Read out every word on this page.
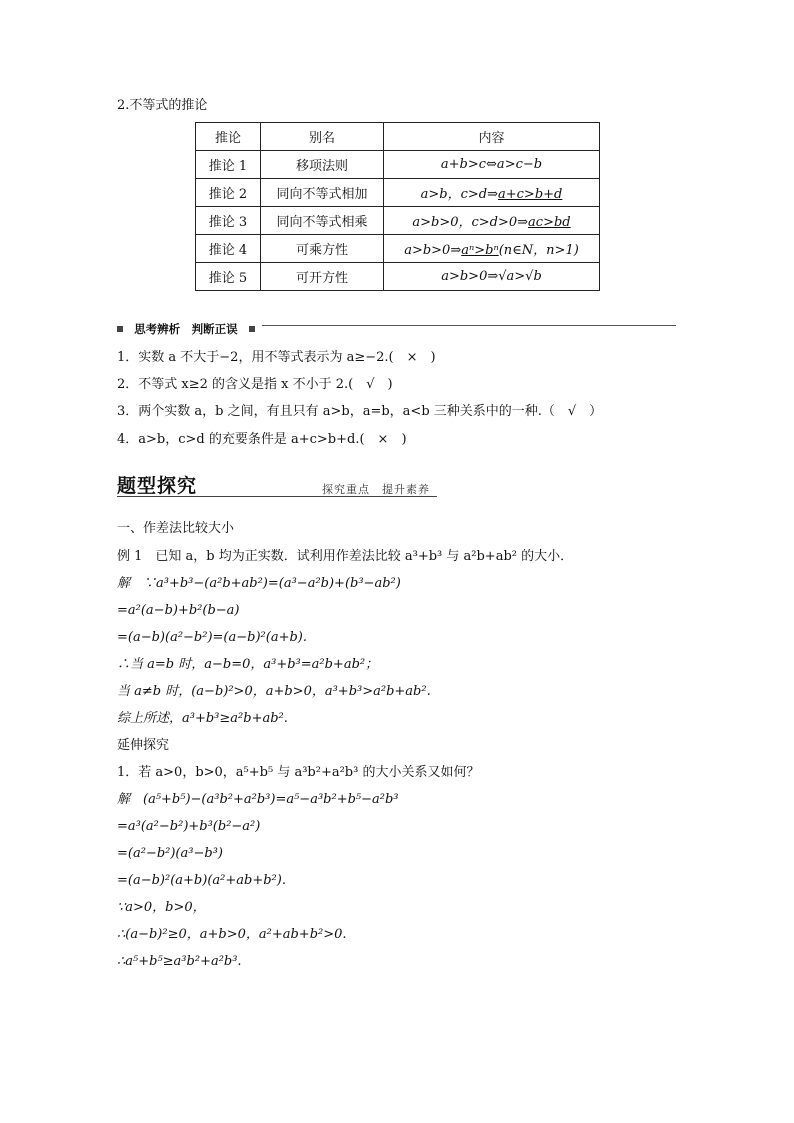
2.不等式的推论
推论	别名	内容
推论 1	移项法则	a+b>c⇔a>c−b
推论 2	同向不等式相加	a>b，c>d⇒a+c>b+d
推论 3	同向不等式相乘	a>b>0，c>d>0⇒ac>bd
推论 4	可乘方性	a>b>0⇒aⁿ>bⁿ(n∈N，n>1)
推论 5	可开方性	a>b>0⇒√a>√b
思考辨析　判断正误
1．实数 a 不大于−2，用不等式表示为 a≥−2.(　×　)
2．不等式 x≥2 的含义是指 x 不小于 2.(　√　)
3．两个实数 a，b 之间，有且只有 a>b，a=b，a<b 三种关系中的一种.（　√　）
4．a>b，c>d 的充要条件是 a+c>b+d.(　×　)
题型探究	探究重点　提升素养
一、作差法比较大小
例 1　已知 a，b 均为正实数．试利用作差法比较 a³+b³ 与 a²b+ab² 的大小．
解　∵a³+b³−(a²b+ab²)=(a³−a²b)+(b³−ab²)
=a²(a−b)+b²(b−a)
=(a−b)(a²−b²)=(a−b)²(a+b).
∴当 a=b 时，a−b=0，a³+b³=a²b+ab²；
当 a≠b 时，(a−b)²>0，a+b>0，a³+b³>a²b+ab².
综上所述，a³+b³≥a²b+ab².
延伸探究
1．若 a>0，b>0，a⁵+b⁵ 与 a³b²+a²b³ 的大小关系又如何？
解　(a⁵+b⁵)−(a³b²+a²b³)=a⁵−a³b²+b⁵−a²b³
=a³(a²−b²)+b³(b²−a²)
=(a²−b²)(a³−b³)
=(a−b)²(a+b)(a²+ab+b²).
∵a>0，b>0，
∴(a−b)²≥0，a+b>0，a²+ab+b²>0.
∴a⁵+b⁵≥a³b²+a²b³.
